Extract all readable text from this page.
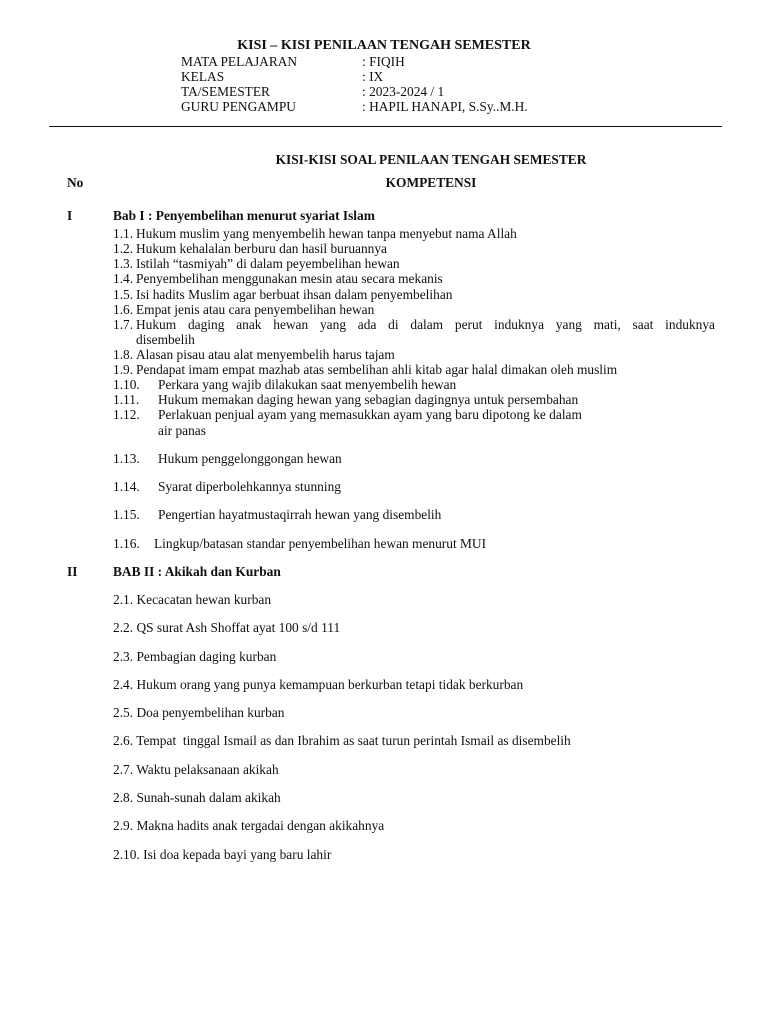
KISI – KISI PENILAAN TENGAH SEMESTER
MATA PELAJARAN	: FIQIH
KELAS	: IX
TA/SEMESTER	: 2023-2024 / 1
GURU PENGAMPU	: HAPIL HANAPI, S.Sy..M.H.
KISI-KISI SOAL PENILAAN TENGAH SEMESTER
No	KOMPETENSI
I	Bab I : Penyembelihan menurut syariat Islam
1.1. Hukum muslim yang menyembelih hewan tanpa menyebut nama Allah
1.2. Hukum kehalalan berburu dan hasil buruannya
1.3. Istilah “tasmiyah” di dalam peyembelihan hewan
1.4. Penyembelihan menggunakan mesin atau secara mekanis
1.5. Isi hadits Muslim agar berbuat ihsan dalam penyembelihan
1.6. Empat jenis atau cara penyembelihan hewan
1.7. Hukum daging anak hewan yang ada di dalam perut induknya yang mati, saat induknya
disembelih
1.8. Alasan pisau atau alat menyembelih harus tajam
1.9. Pendapat imam empat mazhab atas sembelihan ahli kitab agar halal dimakan oleh muslim
1.10. Perkara yang wajib dilakukan saat menyembelih hewan
1.11. Hukum memakan daging hewan yang sebagian dagingnya untuk persembahan
1.12. Perlakuan penjual ayam yang memasukkan ayam yang baru dipotong ke dalam
air panas
1.13. Hukum penggelonggongan hewan
1.14. Syarat diperbolehkannya stunning
1.15. Pengertian hayatmustaqirrah hewan yang disembelih
1.16. Lingkup/batasan standar penyembelihan hewan menurut MUI
II	BAB II : Akikah dan Kurban
2.1. Kecacatan hewan kurban
2.2. QS surat Ash Shoffat ayat 100 s/d 111
2.3. Pembagian daging kurban
2.4. Hukum orang yang punya kemampuan berkurban tetapi tidak berkurban
2.5. Doa penyembelihan kurban
2.6. Tempat  tinggal Ismail as dan Ibrahim as saat turun perintah Ismail as disembelih
2.7. Waktu pelaksanaan akikah
2.8. Sunah-sunah dalam akikah
2.9. Makna hadits anak tergadai dengan akikahnya
2.10. Isi doa kepada bayi yang baru lahir
